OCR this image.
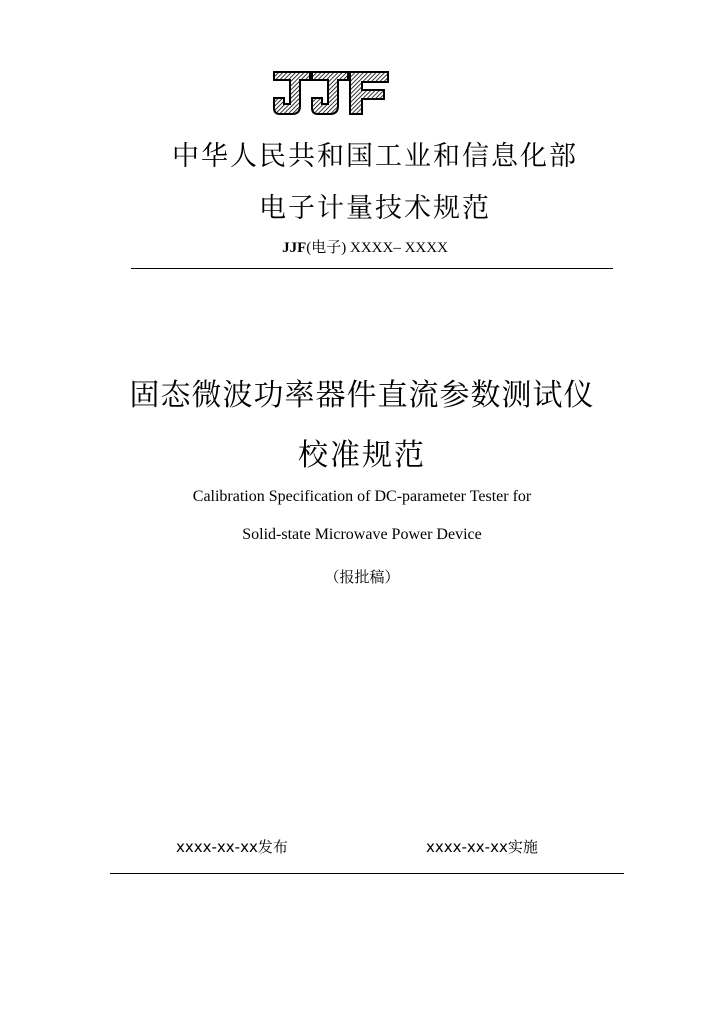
中华人民共和国工业和信息化部
电子计量技术规范
JJF(电子) XXXX– XXXX
固态微波功率器件直流参数测试仪
校准规范
Calibration Specification of DC-parameter Tester for
Solid-state Microwave Power Device
（报批稿）
xxxx-xx-xx发布	xxxx-xx-xx实施
